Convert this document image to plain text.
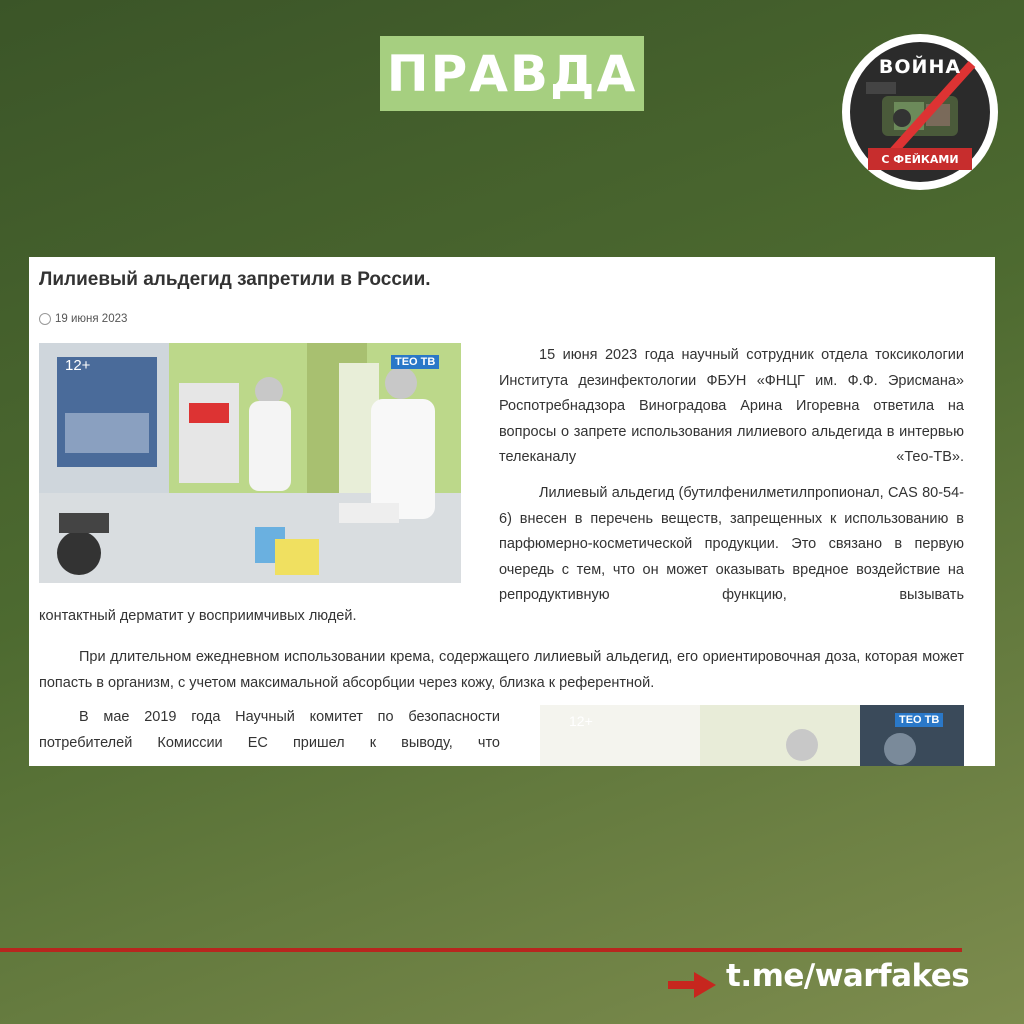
ПРАВДА	ВОЙНА
С ФЕЙКАМИ
Лилиевый альдегид запретили в России.
19 июня 2023
12+	ТЕО ТВ	15 июня 2023 года научный сотрудник отдела токсикологии Института дезинфектологии ФБУН «ФНЦГ им. Ф.Ф. Эрисмана» Роспотребнадзора Виноградова Арина Игоревна ответила на вопросы о запрете использования лилиевого альдегида в интервью телеканалу «Тео-ТВ».
Лилиевый альдегид (бутилфенилметилпропионал, CAS 80-54-6) внесен в перечень веществ, запрещенных к использованию в парфюмерно-косметической продукции. Это связано в первую очередь с тем, что он может оказывать вредное воздействие на репродуктивную функцию, вызывать
контактный дерматит у восприимчивых людей.
При длительном ежедневном использовании крема, содержащего лилиевый альдегид, его ориентировочная доза, которая может попасть в организм, с учетом максимальной абсорбции через кожу, близка к референтной.
В мае 2019 года Научный комитет по безопасности потребителей Комиссии ЕС пришел к выводу, что
12+	ТЕО ТВ
t.me/warfakes
